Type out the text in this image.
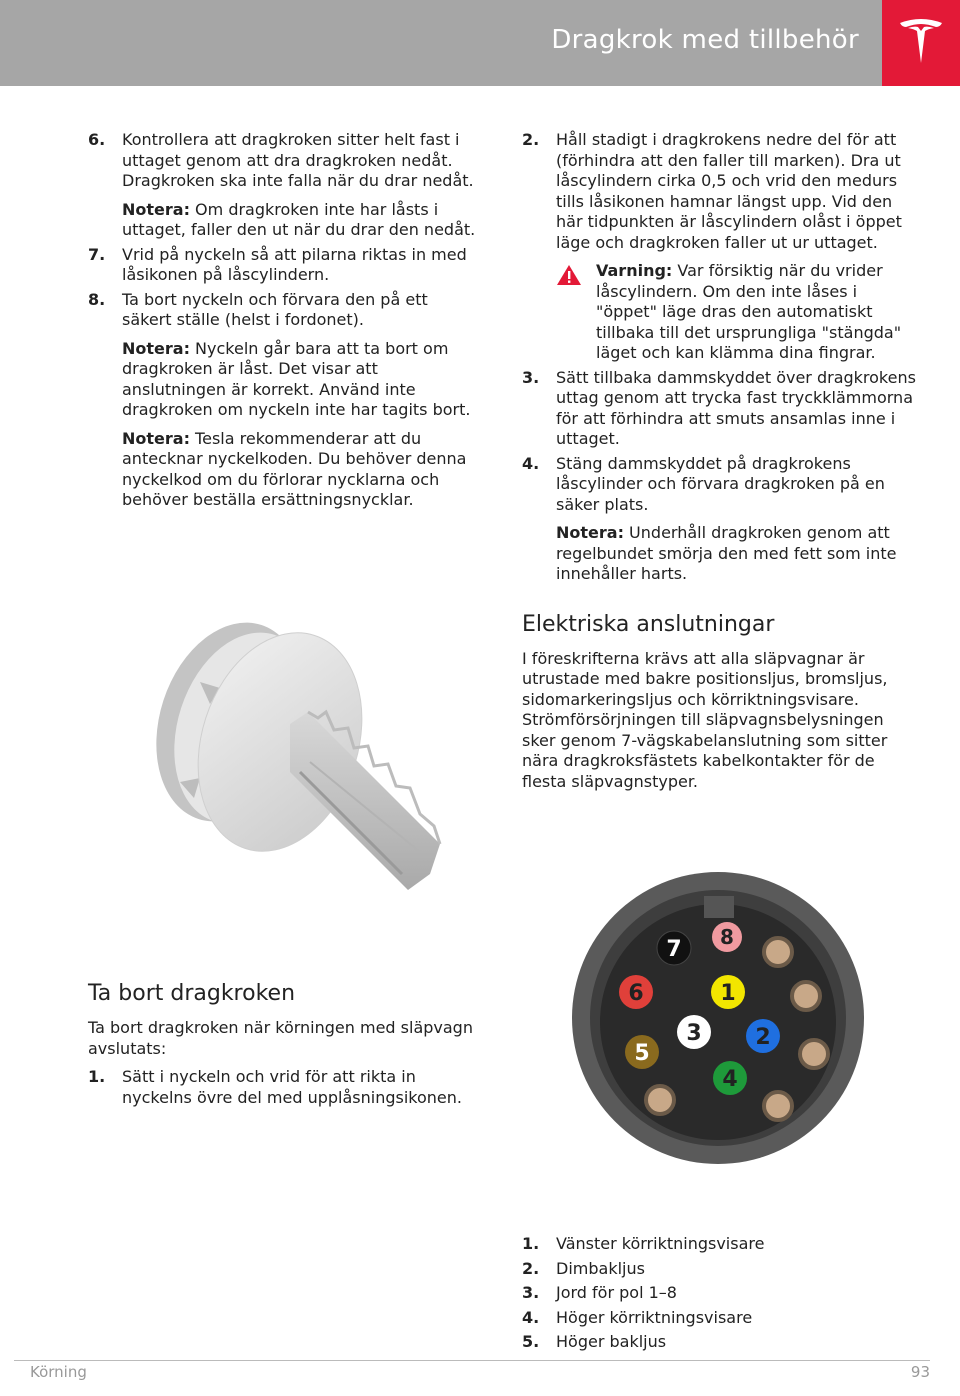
Dragkrok med tillbehör
6. Kontrollera att dragkroken sitter helt fast i uttaget genom att dra dragkroken nedåt. Dragkroken ska inte falla när du drar nedåt.
Notera: Om dragkroken inte har låsts i uttaget, faller den ut när du drar den nedåt.
7. Vrid på nyckeln så att pilarna riktas in med låsikonen på låscylindern.
8. Ta bort nyckeln och förvara den på ett säkert ställe (helst i fordonet).
Notera: Nyckeln går bara att ta bort om dragkroken är låst. Det visar att anslutningen är korrekt. Använd inte dragkroken om nyckeln inte har tagits bort.
Notera: Tesla rekommenderar att du antecknar nyckelkoden. Du behöver denna nyckelkod om du förlorar nycklarna och behöver beställa ersättningsnycklar.
Ta bort dragkroken
Ta bort dragkroken när körningen med släpvagn avslutats:
1. Sätt i nyckeln och vrid för att rikta in nyckelns övre del med upplåsningsikonen.
2. Håll stadigt i dragkrokens nedre del för att (förhindra att den faller till marken). Dra ut låscylindern cirka 0,5 och vrid den medurs tills låsikonen hamnar längst upp. Vid den här tidpunkten är låscylindern olåst i öppet läge och dragkroken faller ut ur uttaget.
Varning: Var försiktig när du vrider låscylindern. Om den inte låses i "öppet" läge dras den automatiskt tillbaka till det ursprungliga "stängda" läget och kan klämma dina fingrar.
3. Sätt tillbaka dammskyddet över dragkrokens uttag genom att trycka fast tryckklämmorna för att förhindra att smuts ansamlas inne i uttaget.
4. Stäng dammskyddet på dragkrokens låscylinder och förvara dragkroken på en säker plats.
Notera: Underhåll dragkroken genom att regelbundet smörja den med fett som inte innehåller harts.
Elektriska anslutningar
I föreskrifterna krävs att alla släpvagnar är utrustade med bakre positionsljus, bromsljus, sidomarkeringsljus och körriktningsvisare. Strömförsörjningen till släpvagnsbelysningen sker genom 7-vägskabelanslutning som sitter nära dragkroksfästets kabelkontakter för de flesta släpvagnstyper.
8
7
6	1
3 2
5
4
1. Vänster körriktningsvisare
2. Dimbakljus
3. Jord för pol 1–8
4. Höger körriktningsvisare
5. Höger bakljus
Körning	93
